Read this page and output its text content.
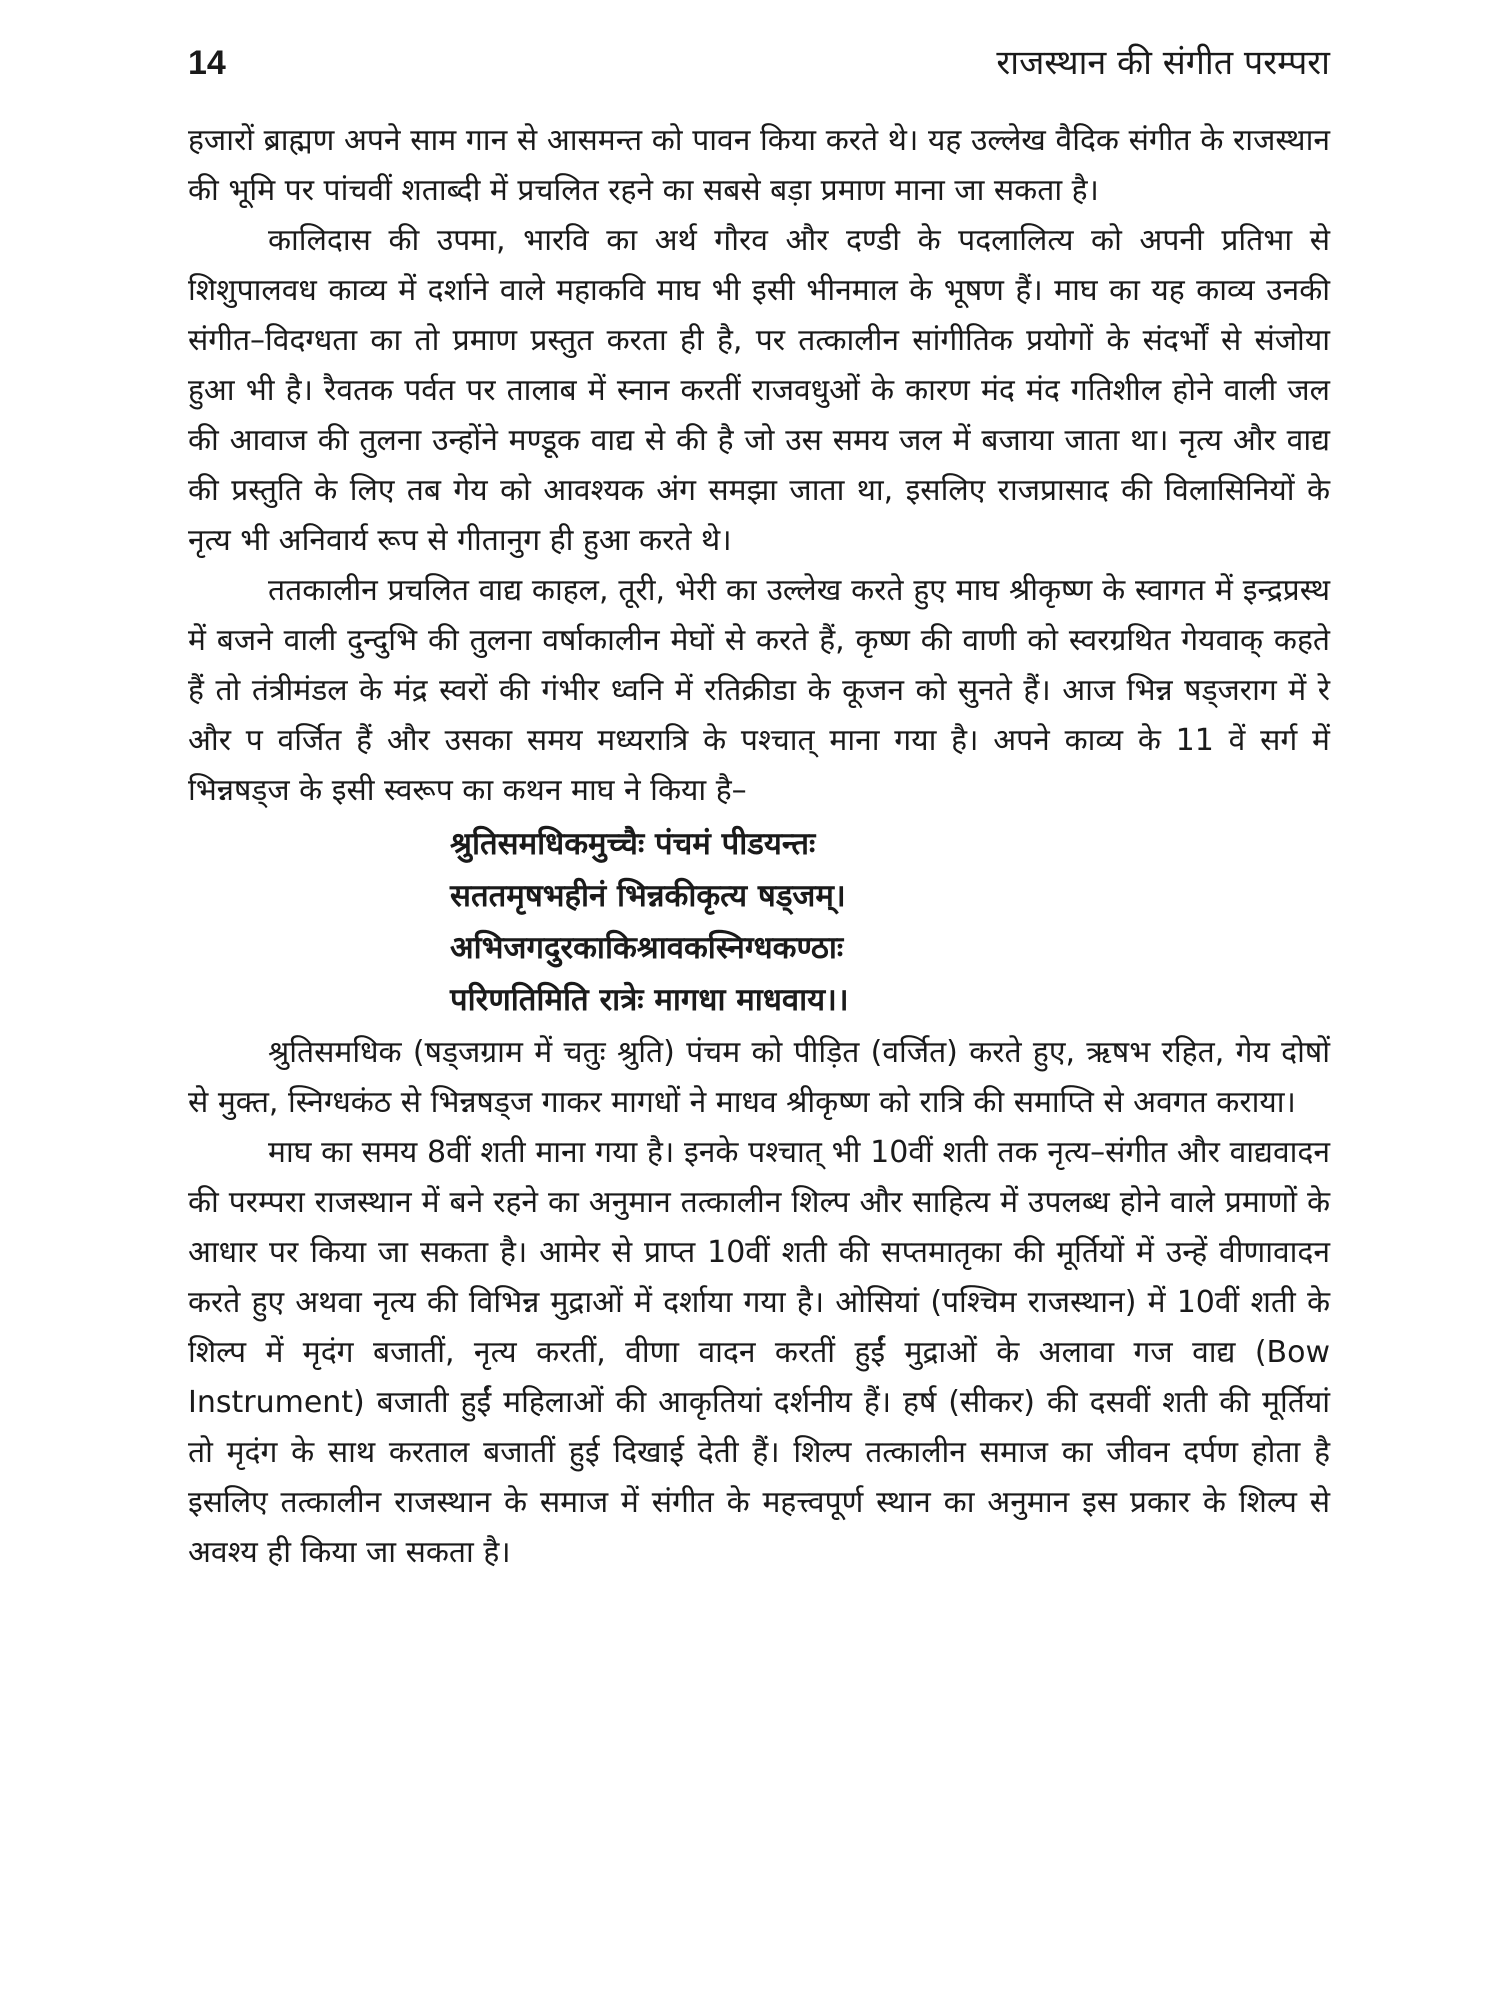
14	राजस्थान की संगीत परम्परा

हजारों ब्राह्मण अपने साम गान से आसमन्त को पावन किया करते थे। यह उल्लेख वैदिक संगीत के राजस्थान की भूमि पर पांचवीं शताब्दी में प्रचलित रहने का सबसे बड़ा प्रमाण माना जा सकता है।

कालिदास की उपमा, भारवि का अर्थ गौरव और दण्डी के पदलालित्य को अपनी प्रतिभा से शिशुपालवध काव्य में दर्शाने वाले महाकवि माघ भी इसी भीनमाल के भूषण हैं। माघ का यह काव्य उनकी संगीत–विदग्धता का तो प्रमाण प्रस्तुत करता ही है, पर तत्कालीन सांगीतिक प्रयोगों के संदर्भों से संजोया हुआ भी है। रैवतक पर्वत पर तालाब में स्नान करतीं राजवधुओं के कारण मंद मंद गतिशील होने वाली जल की आवाज की तुलना उन्होंने मण्डूक वाद्य से की है जो उस समय जल में बजाया जाता था। नृत्य और वाद्य की प्रस्तुति के लिए तब गेय को आवश्यक अंग समझा जाता था, इसलिए राजप्रासाद की विलासिनियों के नृत्य भी अनिवार्य रूप से गीतानुग ही हुआ करते थे।

ततकालीन प्रचलित वाद्य काहल, तूरी, भेरी का उल्लेख करते हुए माघ श्रीकृष्ण के स्वागत में इन्द्रप्रस्थ में बजने वाली दुन्दुभि की तुलना वर्षाकालीन मेघों से करते हैं, कृष्ण की वाणी को स्वरग्रथित गेयवाक् कहते हैं तो तंत्रीमंडल के मंद्र स्वरों की गंभीर ध्वनि में रतिक्रीडा के कूजन को सुनते हैं। आज भिन्न षड्जराग में रे और प वर्जित हैं और उसका समय मध्यरात्रि के पश्चात् माना गया है। अपने काव्य के 11 वें सर्ग में भिन्नषड्ज के इसी स्वरूप का कथन माघ ने किया है–

श्रुतिसमधिकमुच्चैः पंचमं पीडयन्तः
सततमृषभहीनं भिन्नकीकृत्य षड्जम्।
अभिजगदुरकाकिश्रावकस्निग्धकण्ठाः
परिणतिमिति रात्रेः मागधा माधवाय।।

श्रुतिसमधिक (षड्जग्राम में चतुः श्रुति) पंचम को पीड़ित (वर्जित) करते हुए, ऋषभ रहित, गेय दोषों से मुक्त, स्निग्धकंठ से भिन्नषड्ज गाकर मागधों ने माधव श्रीकृष्ण को रात्रि की समाप्ति से अवगत कराया।

माघ का समय 8वीं शती माना गया है। इनके पश्चात् भी 10वीं शती तक नृत्य–संगीत और वाद्यवादन की परम्परा राजस्थान में बने रहने का अनुमान तत्कालीन शिल्प और साहित्य में उपलब्ध होने वाले प्रमाणों के आधार पर किया जा सकता है। आमेर से प्राप्त 10वीं शती की सप्तमातृका की मूर्तियों में उन्हें वीणावादन करते हुए अथवा नृत्य की विभिन्न मुद्राओं में दर्शाया गया है। ओसियां (पश्चिम राजस्थान) में 10वीं शती के शिल्प में मृदंग बजातीं, नृत्य करतीं, वीणा वादन करतीं हुईं मुद्राओं के अलावा गज वाद्य (Bow Instrument) बजाती हुईं महिलाओं की आकृतियां दर्शनीय हैं। हर्ष (सीकर) की दसवीं शती की मूर्तियां तो मृदंग के साथ करताल बजातीं हुई दिखाई देती हैं। शिल्प तत्कालीन समाज का जीवन दर्पण होता है इसलिए तत्कालीन राजस्थान के समाज में संगीत के महत्त्वपूर्ण स्थान का अनुमान इस प्रकार के शिल्प से अवश्य ही किया जा सकता है।
